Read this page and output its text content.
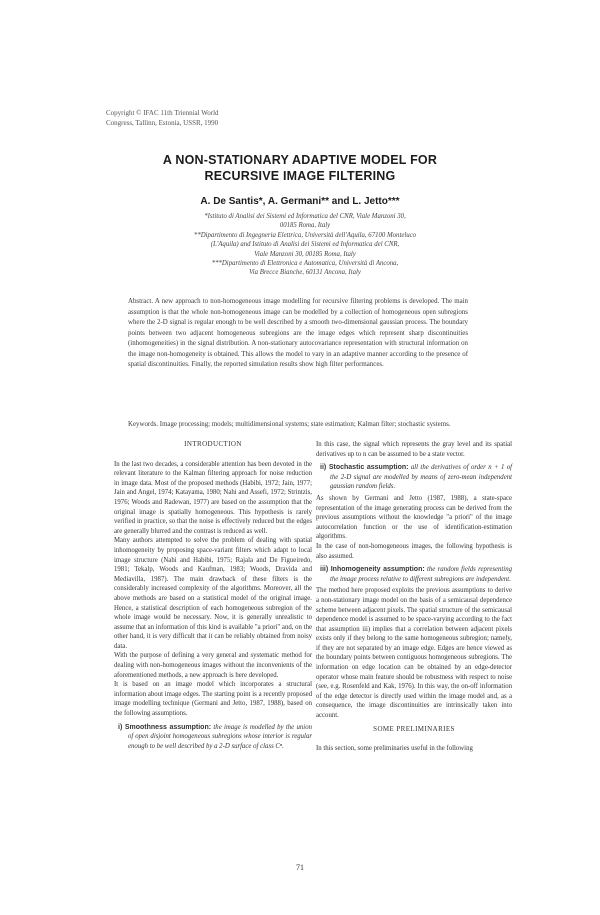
Copyright © IFAC 11th Triennial World
Congress, Tallinn, Estonia, USSR, 1990
A NON-STATIONARY ADAPTIVE MODEL FOR
RECURSIVE IMAGE FILTERING
A. De Santis*, A. Germani** and L. Jetto***
*Istituto di Analisi dei Sistemi ed Informatica del CNR, Viale Manzoni 30,
00185 Roma, Italy
**Dipartimento di Ingegneria Elettrica, Università dell'Aquila, 67100 Monteluco
(L'Aquila) and Istituto di Analisi dei Sistemi ed Informatica del CNR,
Viale Manzoni 30, 00185 Roma, Italy
***Dipartimento di Elettronica e Automatica, Università di Ancona,
Via Brecce Bianche, 60131 Ancona, Italy
Abstract. A new approach to non-homogeneous image modelling for recursive filtering problems is developed. The main assumption is that the whole non-homogeneous image can be modelled by a collection of homogeneous open subregions where the 2-D signal is regular enough to be well described by a smooth two-dimensional gaussian process. The boundary points between two adjacent homogeneous subregions are the image edges which represent sharp discontinuities (inhomogeneities) in the signal distribution. A non-stationary autocovariance representation with structural information on the image non-homogeneity is obtained. This allows the model to vary in an adaptive manner according to the presence of spatial discontinuities. Finally, the reported simulation results show high filter performances.
Keywords. Image processing; models; multidimensional systems; state estimation; Kalman filter; stochastic systems.
INTRODUCTION

In the last two decades, a considerable attention has been devoted in the relevant literature to the Kalman filtering approach for noise reduction in image data. Most of the proposed methods (Habibi, 1972; Jain, 1977; Jain and Angel, 1974; Katayama, 1980; Nahi and Assefi, 1972; Strintzis, 1976; Woods and Radewan, 1977) are based on the assumption that the original image is spatially homogeneous. This hypothesis is rarely verified in practice, so that the noise is effectively reduced but the edges are generally blurred and the contrast is reduced as well.

Many authors attempted to solve the problem of dealing with spatial inhomogeneity by proposing space-variant filters which adapt to local image structure (Nahi and Habibi, 1975; Rajala and De Figueiredo, 1981; Tekalp, Woods and Kaufman, 1983; Woods, Dravida and Mediavilla, 1987). The main drawback of these filters is the considerably increased complexity of the algorithms. Moreover, all the above methods are based on a statistical model of the original image. Hence, a statistical description of each homogeneous subregion of the whole image would be necessary. Now, it is generally unrealistic to assume that an information of this kind is available "a priori" and, on the other hand, it is very difficult that it can be reliably obtained from noisy data.

With the purpose of defining a very general and systematic method for dealing with non-homogeneous images without the inconvenients of the aforementioned methods, a new approach is here developed.

It is based on an image model which incorporates a structural information about image edges. The starting point is a recently proposed image modelling technique (Germani and Jetto, 1987, 1988), based on the following assumptions.

i) Smoothness assumption: the image is modelled by the union of open disjoint homogeneous subregions whose interior is regular enough to be well described by a 2-D surface of class Cⁿ.

In this case, the signal which represents the gray level and its spatial derivatives up to n can be assumed to be a state vector.

ii) Stochastic assumption: all the derivatives of order n + 1 of the 2-D signal are modelled by means of zero-mean independent gaussian random fields.

As shown by Germani and Jetto (1987, 1988), a state-space representation of the image generating process can be derived from the previous assumptions without the knowledge "a priori" of the image autocorrelation function or the use of identification-estimation algorithms.

In the case of non-homogeneous images, the following hypothesis is also assumed.

iii) Inhomogeneity assumption: the random fields representing the image process relative to different subregions are independent.

The method here proposed exploits the previous assumptions to derive a non-stationary image model on the basis of a semicausal dependence scheme between adjacent pixels. The spatial structure of the semicausal dependence model is assumed to be space-varying according to the fact that assumption iii) implies that a correlation between adjacent pixels exists only if they belong to the same homogeneous subregion; namely, if they are not separated by an image edge. Edges are hence viewed as the boundary points between contiguous homogeneous subregions. The information on edge location can be obtained by an edge-detector operator whose main feature should be robustness with respect to noise (see, e.g. Rosenfeld and Kak, 1976). In this way, the on-off information of the edge detector is directly used within the image model and, as a consequence, the image discontinuities are intrinsically taken into account.

SOME PRELIMINARIES

In this section, some preliminaries useful in the following

71
